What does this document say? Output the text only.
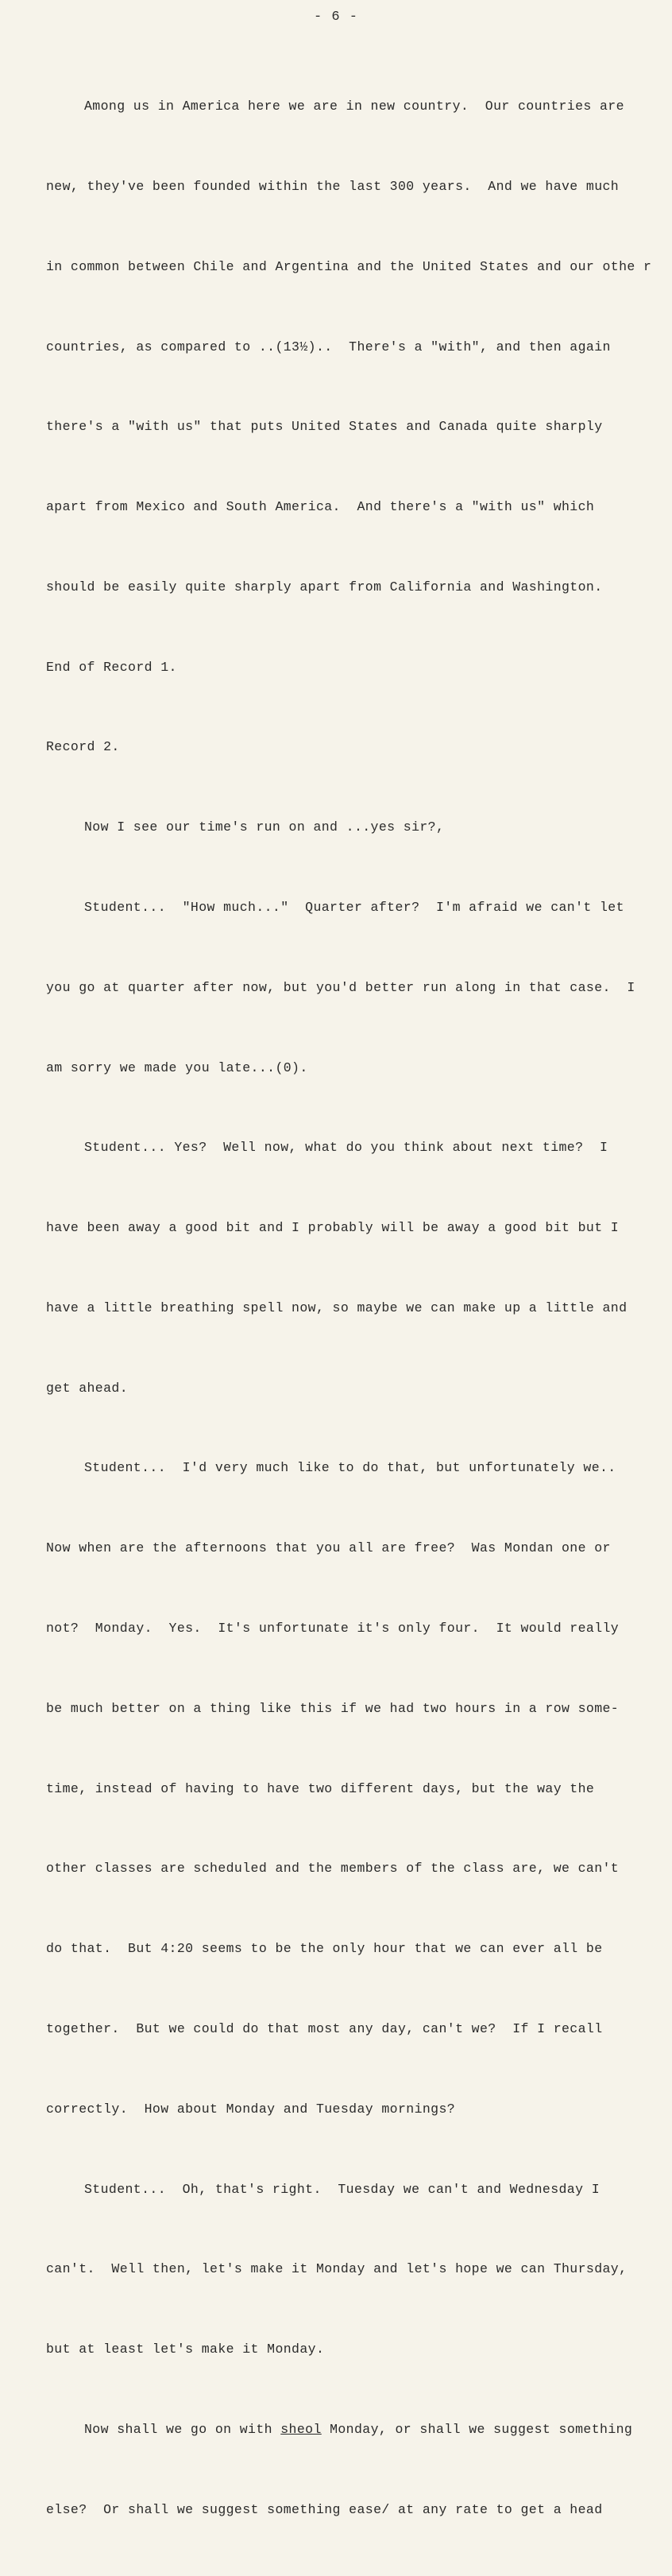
- 6 -

Among us in America here we are in new country.  Our countries are

new, they've been founded within the last 300 years.  And we have much

in common between Chile and Argentina and the United States and our othe r

countries, as compared to ..(13½)..  There's a "with", and then again

there's a "with us" that puts United States and Canada quite sharply

apart from Mexico and South America.  And there's a "with us" which

should be easily quite sharply apart from California and Washington.

End of Record 1.

Record 2.

Now I see our time's run on and ...yes sir?,

Student...  "How much..."  Quarter after?  I'm afraid we can't let

you go at quarter after now, but you'd better run along in that case.  I

am sorry we made you late...(0).

Student... Yes?  Well now, what do you think about next time?  I

have been away a good bit and I probably will be away a good bit but I

have a little breathing spell now, so maybe we can make up a little and

get ahead.

Student...  I'd very much like to do that, but unfortunately we..

Now when are the afternoons that you all are free?  Was Mondan one or

not?  Monday.  Yes.  It's unfortunate it's only four.  It would really

be much better on a thing like this if we had two hours in a row some-

time, instead of having to have two different days, but the way the

other classes are scheduled and the members of the class are, we can't

do that.  But 4:20 seems to be the only hour that we can ever all be

together.  But we could do that most any day, can't we?  If I recall

correctly.  How about Monday and Tuesday mornings?

Student...  Oh, that's right.  Tuesday we can't and Wednesday I

can't.  Well then, let's make it Monday and let's hope we can Thursday,

but at least let's make it Monday.

Now shall we go on with sheol Monday, or shall we suggest something

else?  Or shall we suggest something ease/ at any rate to get a head
